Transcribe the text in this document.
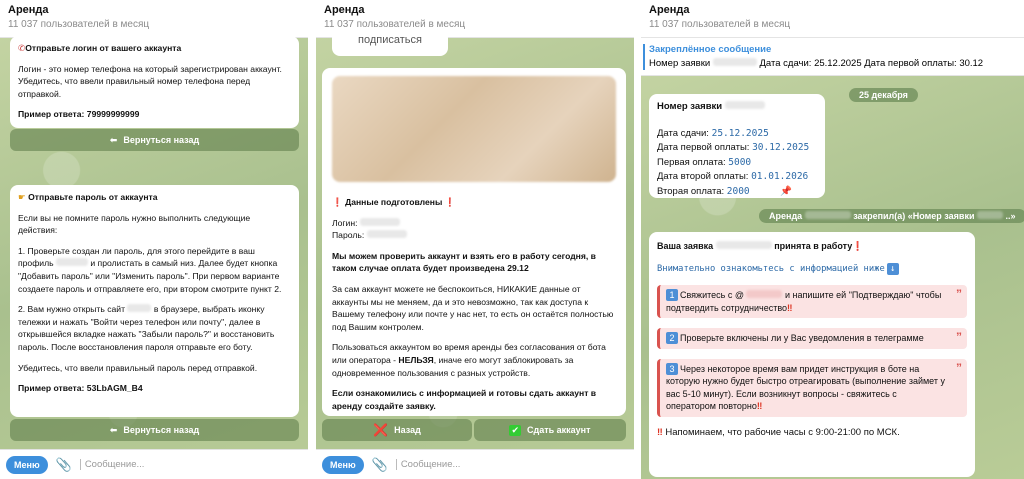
Аренда
11 037 пользователей в месяц

✆Отправьте логин от вашего аккаунта

Логин - это номер телефона на который зарегистрирован аккаунт. Убедитесь, что ввели правильный номер телефона перед отправкой.

Пример ответа: 79999999999

⬅ Вернуться назад

☛ Отправьте пароль от аккаунта

Если вы не помните пароль нужно выполнить следующие действия:

1. Проверьте создан ли пароль, для этого перейдите в ваш профиль	и пролистать в самый низ. Далее будет кнопка "Добавить пароль" или "Изменить пароль". При первом варианте создаете пароль и отправляете его, при втором смотрите пункт 2.

2. Вам нужно открыть сайт	в браузере, выбрать иконку тележки и нажать "Войти через телефон или почту", далее в открывшейся вкладке нажать "Забыли пароль?" и восстановить пароль. После восстановления пароля отправьте его боту.

Убедитесь, что ввели правильный пароль перед отправкой.

Пример ответа: 53LbAGM_B4

⬅ Вернуться назад
Меню	📎	Сообщение...
Аренда
11 037 пользователей в месяц
подписаться

❗ Данные подготовлены ❗

Логин:
Пароль:

Мы можем проверить аккаунт и взять его в работу сегодня, в таком случае оплата будет произведена 29.12

За сам аккаунт можете не беспокоиться, НИКАКИЕ данные от аккаунты мы не меняем, да и это невозможно, так как доступа к Вашему телефону или почте у нас нет, то есть он остаётся полностью под Вашим контролем.

Пользоваться аккаунтом во время аренды без согласования от бота или оператора - НЕЛЬЗЯ, иначе его могут заблокировать за одновременное пользования с разных устройств.

Если ознакомились с информацией и готовы сдать аккаунт в аренду создайте заявку.

❌ Назад	✔ Сдать аккаунт
Меню	📎	Сообщение...
Аренда
11 037 пользователей в месяц
Закреплённое сообщение
Номер заявки	Дата сдачи: 25.12.2025 Дата первой оплаты: 30.12
25 декабря
Номер заявки
Дата сдачи: 25.12.2025
Дата первой оплаты: 30.12.2025
Первая оплата: 5000
Дата второй оплаты: 01.01.2026
Вторая оплата: 2000	📌
Аренда	закрепил(а) «Номер заявки	..»

Ваша заявка	принята в работу❗

Внимательно ознакомьтесь с информацией ниже ↓

1 Свяжитесь с @	и напишите ей "Подтверждаю" чтобы подтвердить сотрудничество‼
”
2 Проверьте включены ли у Вас уведомления в телеграмме	”
3 Через некоторое время вам придет инструкция в боте на которую нужно будет быстро отреагировать (выполнение займет у вас 5-10 минут). Если возникнут вопросы - свяжитесь с оператором повторно‼
”

‼ Напоминаем, что рабочие часы с 9:00-21:00 по МСК.
